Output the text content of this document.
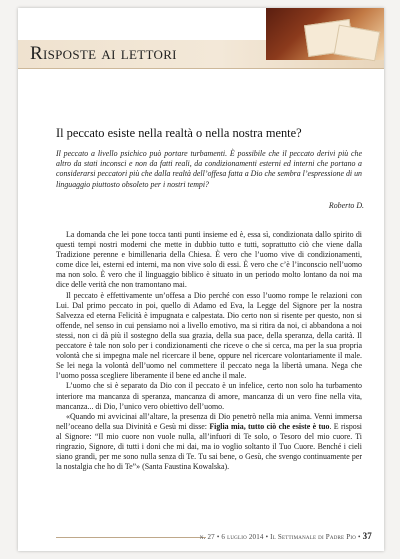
Risposte ai lettori
Il peccato esiste nella realtà o nella nostra mente?
Il peccato a livello psichico può portare turbamenti. È possibile che il peccato derivi più che altro da stati inconsci e non da fatti reali, da condizionamenti esterni ed interni che portano a considerarsi peccatori più che dalla realtà dell’offesa fatta a Dio che sembra l’espressione di un linguaggio piuttosto obsoleto per i nostri tempi?
Roberto D.

La domanda che lei pone tocca tanti punti insieme ed è, essa sì, condizionata dallo spirito di questi tempi nostri moderni che mette in dubbio tutto e tutti, soprattutto ciò che viene dalla Tradizione perenne e bimillenaria della Chiesa. È vero che l’uomo vive di condizionamenti, come dice lei, esterni ed interni, ma non vive solo di essi. È vero che c’è l’inconscio nell’uomo ma non solo. È vero che il linguaggio biblico è situato in un periodo molto lontano da noi ma dice delle verità che non tramontano mai.

Il peccato è effettivamente un’offesa a Dio perché con esso l’uomo rompe le relazioni con Lui. Dal primo peccato in poi, quello di Adamo ed Eva, la Legge del Signore per la nostra Salvezza ed eterna Felicità è impugnata e calpestata. Dio certo non si risente per questo, non si offende, nel senso in cui pensiamo noi a livello emotivo, ma si ritira da noi, ci abbandona a noi stessi, non ci dà più il sostegno della sua grazia, della sua pace, della speranza, della carità. Il peccatore è tale non solo per i condizionamenti che riceve o che si cerca, ma per la sua propria volontà che si impegna male nel ricercare il bene, oppure nel ricercare volontariamente il male. Se lei nega la volontà dell’uomo nel commettere il peccato nega la libertà umana. Nega che l’uomo possa scegliere liberamente il bene ed anche il male.

L’uomo che si è separato da Dio con il peccato è un infelice, certo non solo ha turbamento interiore ma mancanza di speranza, mancanza di amore, mancanza di un vero fine nella vita, mancanza... di Dio, l’unico vero obiettivo dell’uomo.

«Quando mi avvicinai all’altare, la presenza di Dio penetrò nella mia anima. Venni immersa nell’oceano della sua Divinità e Gesù mi disse: Figlia mia, tutto ciò che esiste è tuo. E risposi al Signore: “Il mio cuore non vuole nulla, all’infuori di Te solo, o Tesoro del mio cuore. Ti ringrazio, Signore, di tutti i doni che mi dai, ma io voglio soltanto il Tuo Cuore. Benché i cieli siano grandi, per me sono nulla senza di Te. Tu sai bene, o Gesù, che svengo continuamente per la nostalgia che ho di Te”» (Santa Faustina Kowalska).

n. 27 • 6 luglio 2014 • Il Settimanale di Padre Pio • 37
